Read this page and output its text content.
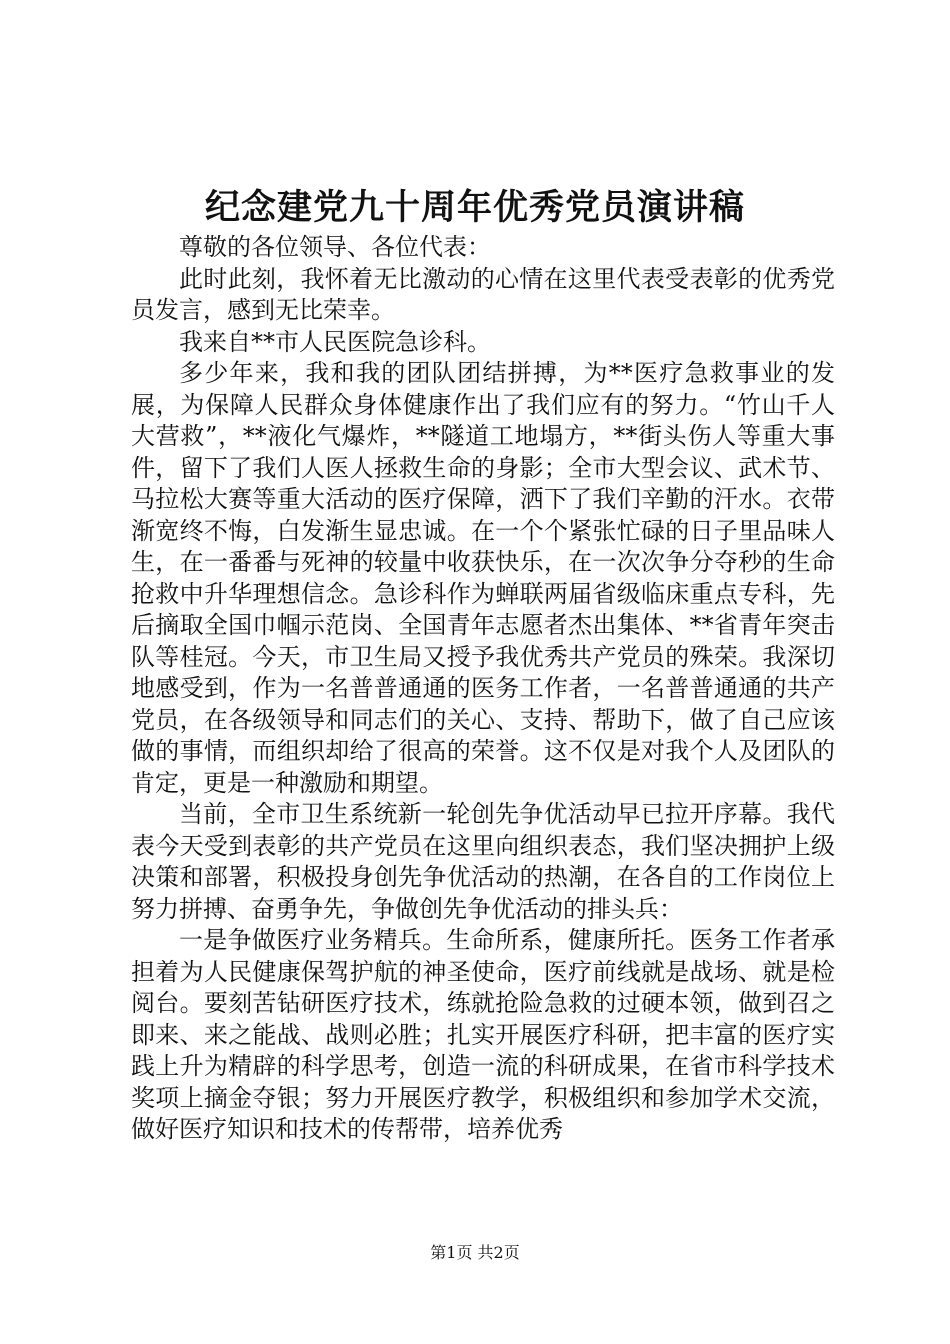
纪念建党九十周年优秀党员演讲稿

尊敬的各位领导、各位代表：

此时此刻，我怀着无比激动的心情在这里代表受表彰的优秀党员发言，感到无比荣幸。

我来自**市人民医院急诊科。

多少年来，我和我的团队团结拼搏，为**医疗急救事业的发展，为保障人民群众身体健康作出了我们应有的努力。“竹山千人大营救”，**液化气爆炸，**隧道工地塌方，**街头伤人等重大事件，留下了我们人医人拯救生命的身影；全市大型会议、武术节、马拉松大赛等重大活动的医疗保障，洒下了我们辛勤的汗水。衣带渐宽终不悔，白发渐生显忠诚。在一个个紧张忙碌的日子里品味人生，在一番番与死神的较量中收获快乐，在一次次争分夺秒的生命抢救中升华理想信念。急诊科作为蝉联两届省级临床重点专科，先后摘取全国巾帼示范岗、全国青年志愿者杰出集体、**省青年突击队等桂冠。今天，市卫生局又授予我优秀共产党员的殊荣。我深切地感受到，作为一名普普通通的医务工作者，一名普普通通的共产党员，在各级领导和同志们的关心、支持、帮助下，做了自己应该做的事情，而组织却给了很高的荣誉。这不仅是对我个人及团队的肯定，更是一种激励和期望。

当前，全市卫生系统新一轮创先争优活动早已拉开序幕。我代表今天受到表彰的共产党员在这里向组织表态，我们坚决拥护上级决策和部署，积极投身创先争优活动的热潮，在各自的工作岗位上努力拼搏、奋勇争先，争做创先争优活动的排头兵：

一是争做医疗业务精兵。生命所系，健康所托。医务工作者承担着为人民健康保驾护航的神圣使命，医疗前线就是战场、就是检阅台。要刻苦钻研医疗技术，练就抢险急救的过硬本领，做到召之即来、来之能战、战则必胜；扎实开展医疗科研，把丰富的医疗实践上升为精辟的科学思考，创造一流的科研成果，在省市科学技术奖项上摘金夺银；努力开展医疗教学，积极组织和参加学术交流，做好医疗知识和技术的传帮带，培养优秀

第1页 共2页
